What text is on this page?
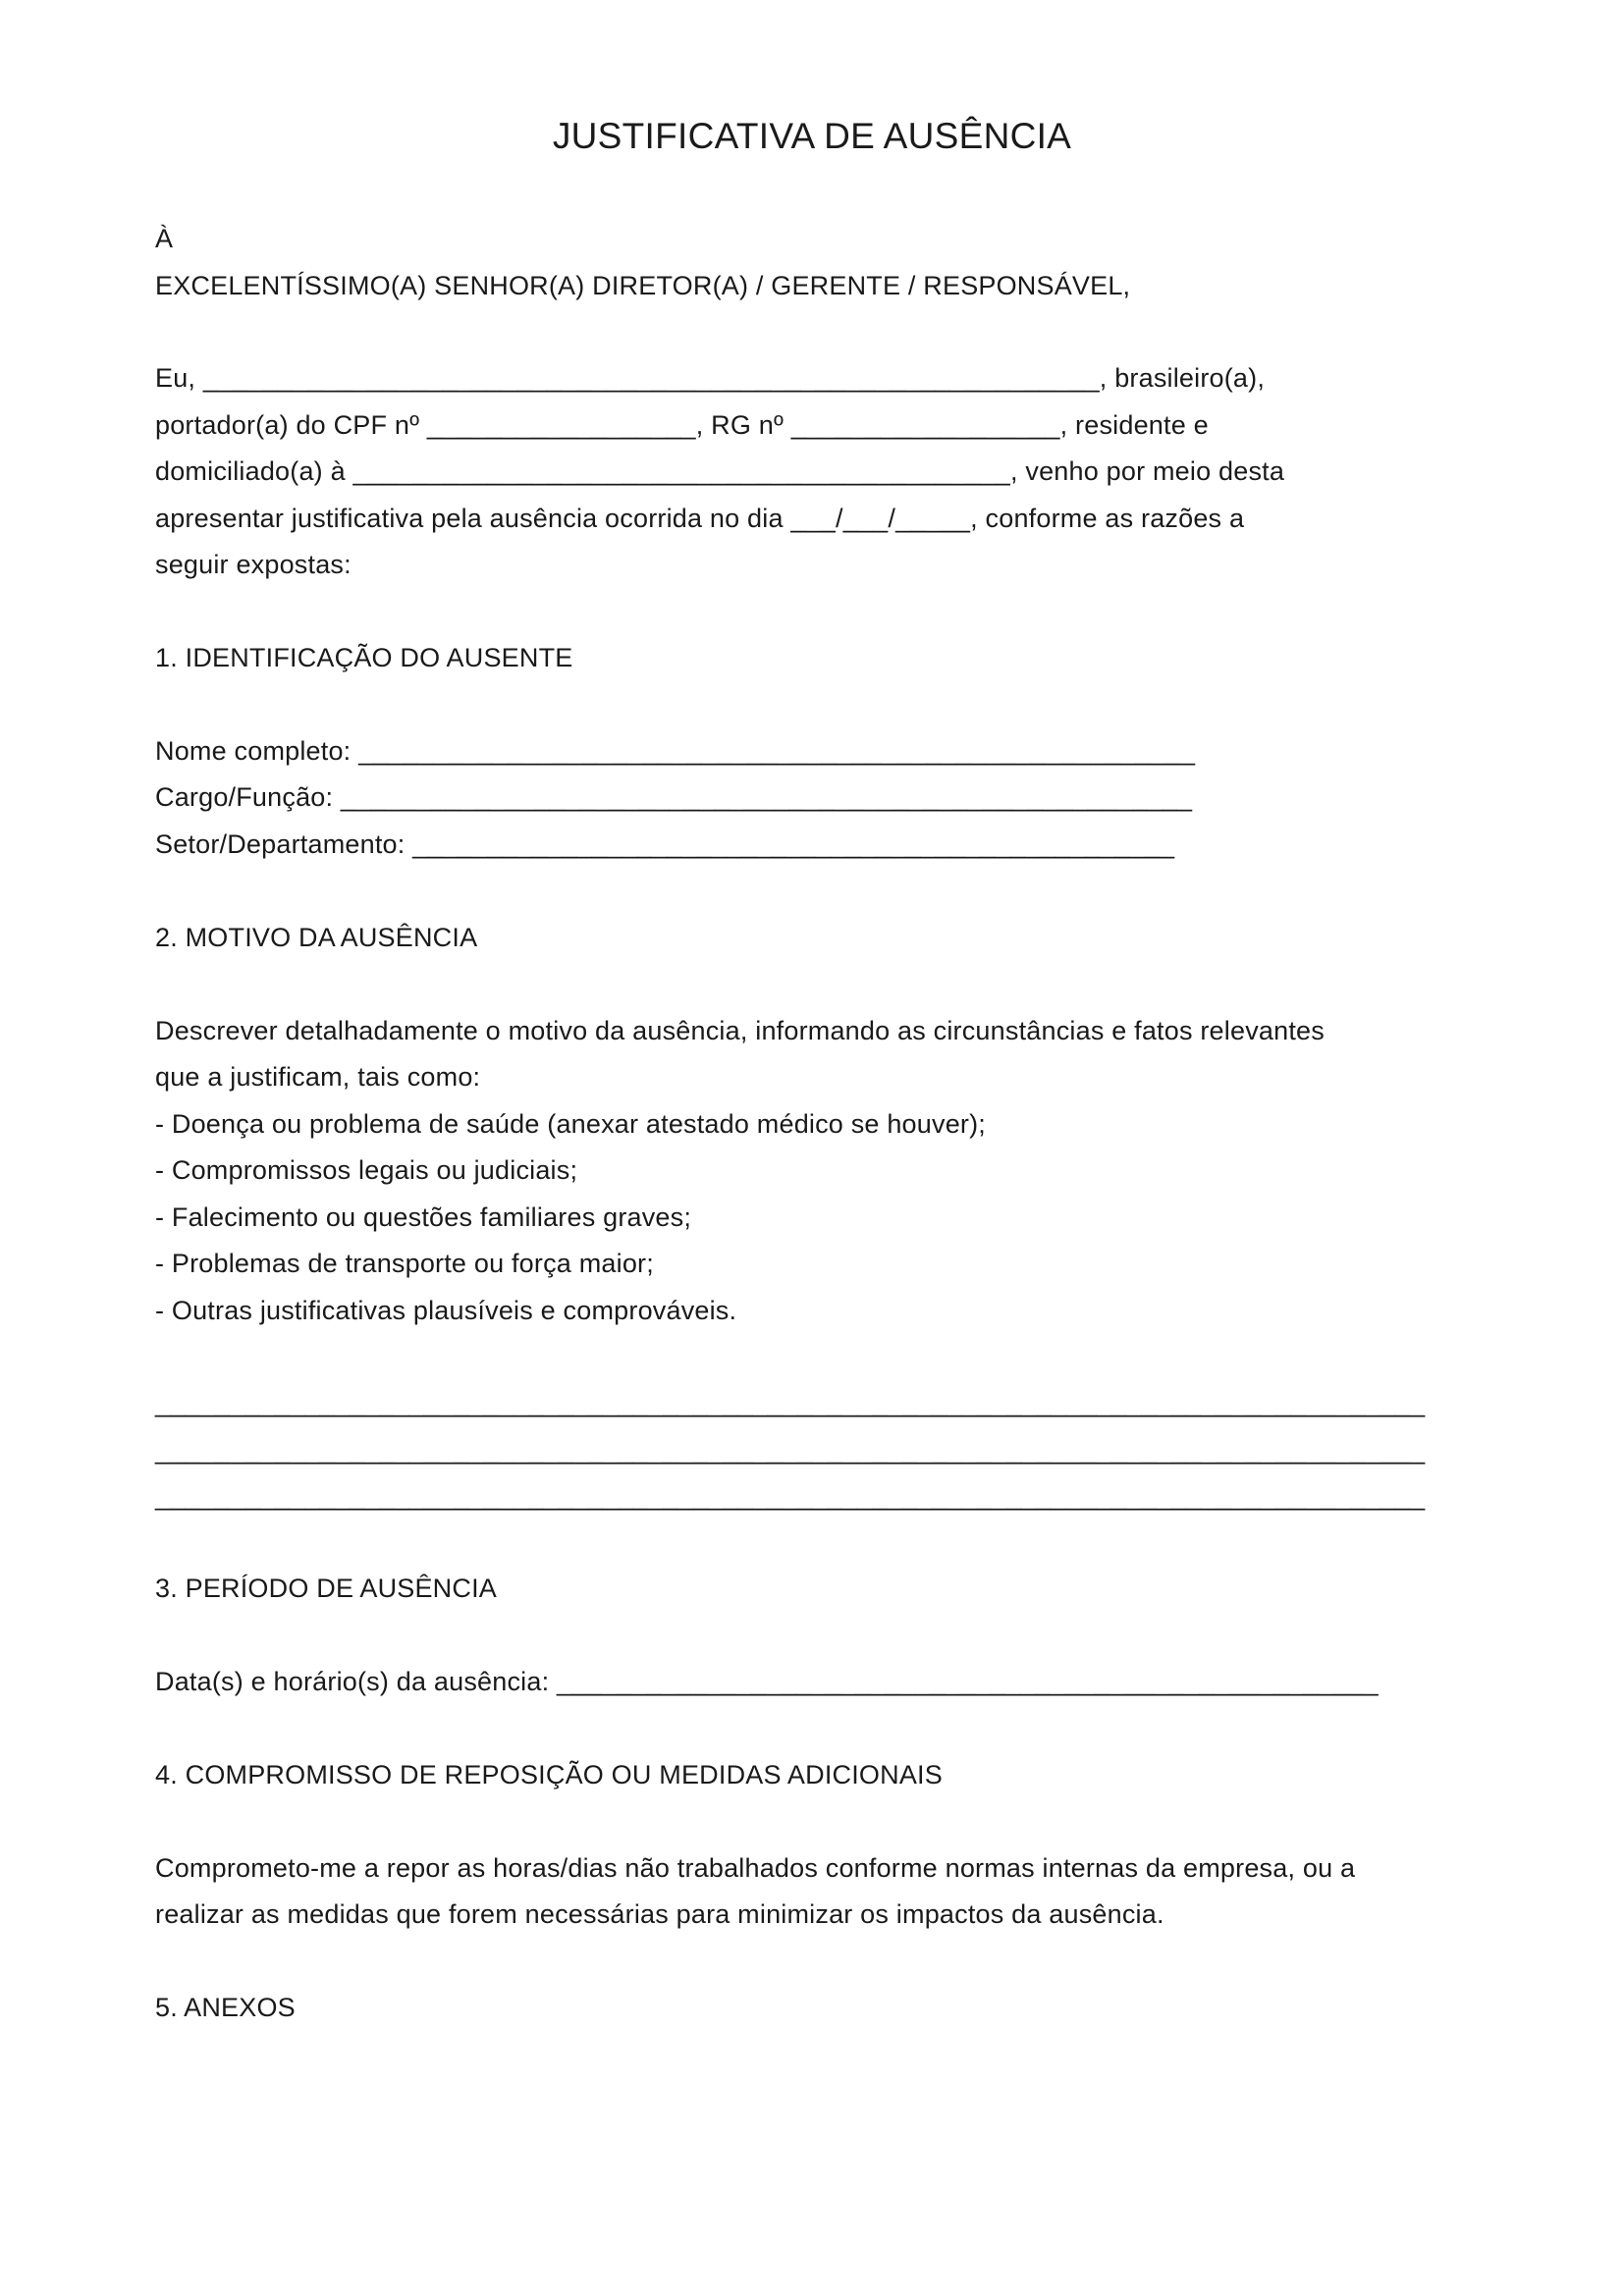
JUSTIFICATIVA DE AUSÊNCIA
À
EXCELENTÍSSIMO(A) SENHOR(A) DIRETOR(A) / GERENTE / RESPONSÁVEL,
Eu, ____________________________________________________________, brasileiro(a),
portador(a) do CPF nº __________________, RG nº __________________, residente e
domiciliado(a) à ____________________________________________, venho por meio desta
apresentar justificativa pela ausência ocorrida no dia ___/___/_____, conforme as razões a
seguir expostas:
1. IDENTIFICAÇÃO DO AUSENTE
Nome completo: ________________________________________________________
Cargo/Função: _________________________________________________________
Setor/Departamento: ___________________________________________________
2. MOTIVO DA AUSÊNCIA
Descrever detalhadamente o motivo da ausência, informando as circunstâncias e fatos relevantes
que a justificam, tais como:
- Doença ou problema de saúde (anexar atestado médico se houver);
- Compromissos legais ou judiciais;
- Falecimento ou questões familiares graves;
- Problemas de transporte ou força maior;
- Outras justificativas plausíveis e comprováveis.
_____________________________________________________________________________________
_____________________________________________________________________________________
_____________________________________________________________________________________
3. PERÍODO DE AUSÊNCIA
Data(s) e horário(s) da ausência: _______________________________________________________
4. COMPROMISSO DE REPOSIÇÃO OU MEDIDAS ADICIONAIS
Comprometo-me a repor as horas/dias não trabalhados conforme normas internas da empresa, ou a
realizar as medidas que forem necessárias para minimizar os impactos da ausência.
5. ANEXOS
